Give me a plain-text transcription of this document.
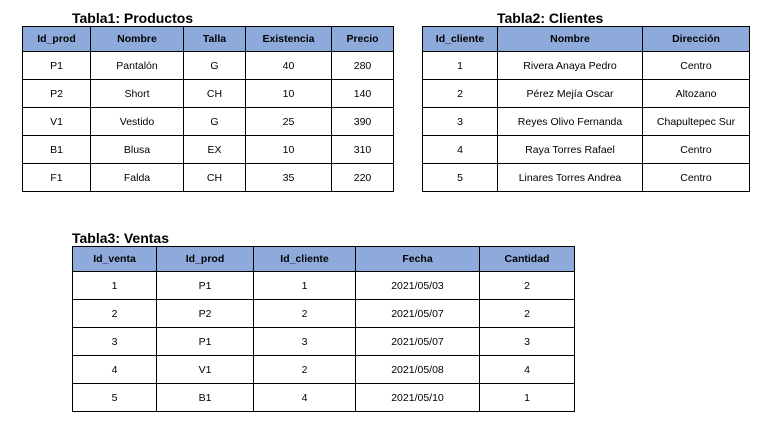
Tabla1: Productos
Id_prod	Nombre	Talla	Existencia	Precio
P1	Pantalón	G	40	280
P2	Short	CH	10	140
V1	Vestido	G	25	390
B1	Blusa	EX	10	310
F1	Falda	CH	35	220
Tabla2: Clientes
Id_cliente	Nombre	Dirección
1	Rivera Anaya Pedro	Centro
2	Pérez Mejía Oscar	Altozano
3	Reyes Olivo Fernanda	Chapultepec Sur
4	Raya Torres Rafael	Centro
5	Linares Torres Andrea	Centro
Tabla3: Ventas
Id_venta	Id_prod	Id_cliente	Fecha	Cantidad
1	P1	1	2021/05/03	2
2	P2	2	2021/05/07	2
3	P1	3	2021/05/07	3
4	V1	2	2021/05/08	4
5	B1	4	2021/05/10	1
